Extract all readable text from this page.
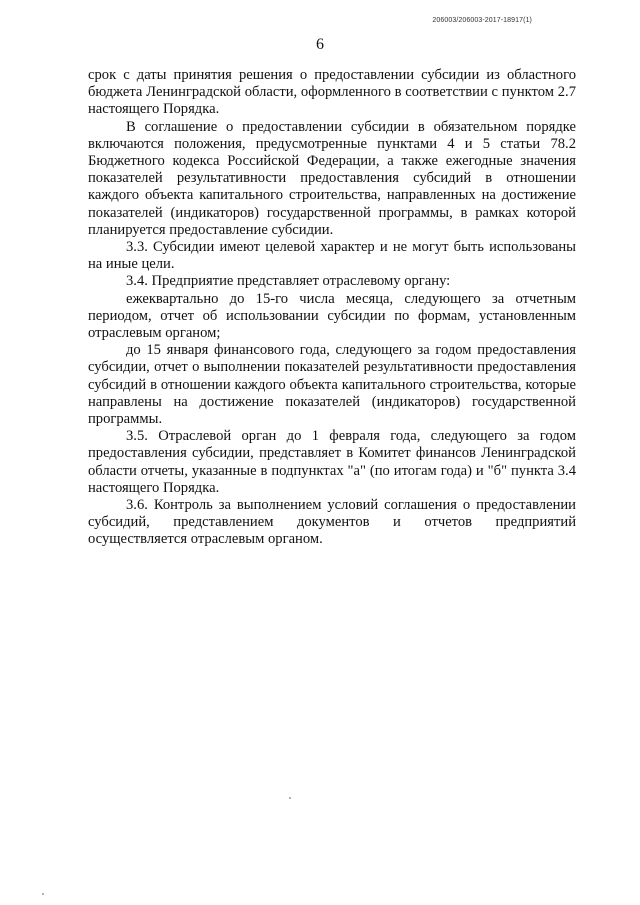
206003/206003-2017-18917(1)
6

срок с даты принятия решения о предоставлении субсидии из областного бюджета Ленинградской области, оформленного в соответствии с пунктом 2.7 настоящего Порядка.

В соглашение о предоставлении субсидии в обязательном порядке включаются положения, предусмотренные пунктами 4 и 5 статьи 78.2 Бюджетного кодекса Российской Федерации, а также ежегодные значения показателей результативности предоставления субсидий в отношении каждого объекта капитального строительства, направленных на достижение показателей (индикаторов) государственной программы, в рамках которой планируется предоставление субсидии.

3.3. Субсидии имеют целевой характер и не могут быть использованы на иные цели.

3.4. Предприятие представляет отраслевому органу:

ежеквартально до 15-го числа месяца, следующего за отчетным периодом, отчет об использовании субсидии по формам, установленным отраслевым органом;

до 15 января финансового года, следующего за годом предоставления субсидии, отчет о выполнении показателей результативности предоставления субсидий в отношении каждого объекта капитального строительства, которые направлены на достижение показателей (индикаторов) государственной программы.

3.5. Отраслевой орган до 1 февраля года, следующего за годом предоставления субсидии, представляет в Комитет финансов Ленинградской области отчеты, указанные в подпунктах "а" (по итогам года) и "б" пункта 3.4 настоящего Порядка.

3.6. Контроль за выполнением условий соглашения о предоставлении субсидий, представлением документов и отчетов предприятий осуществляется отраслевым органом.
